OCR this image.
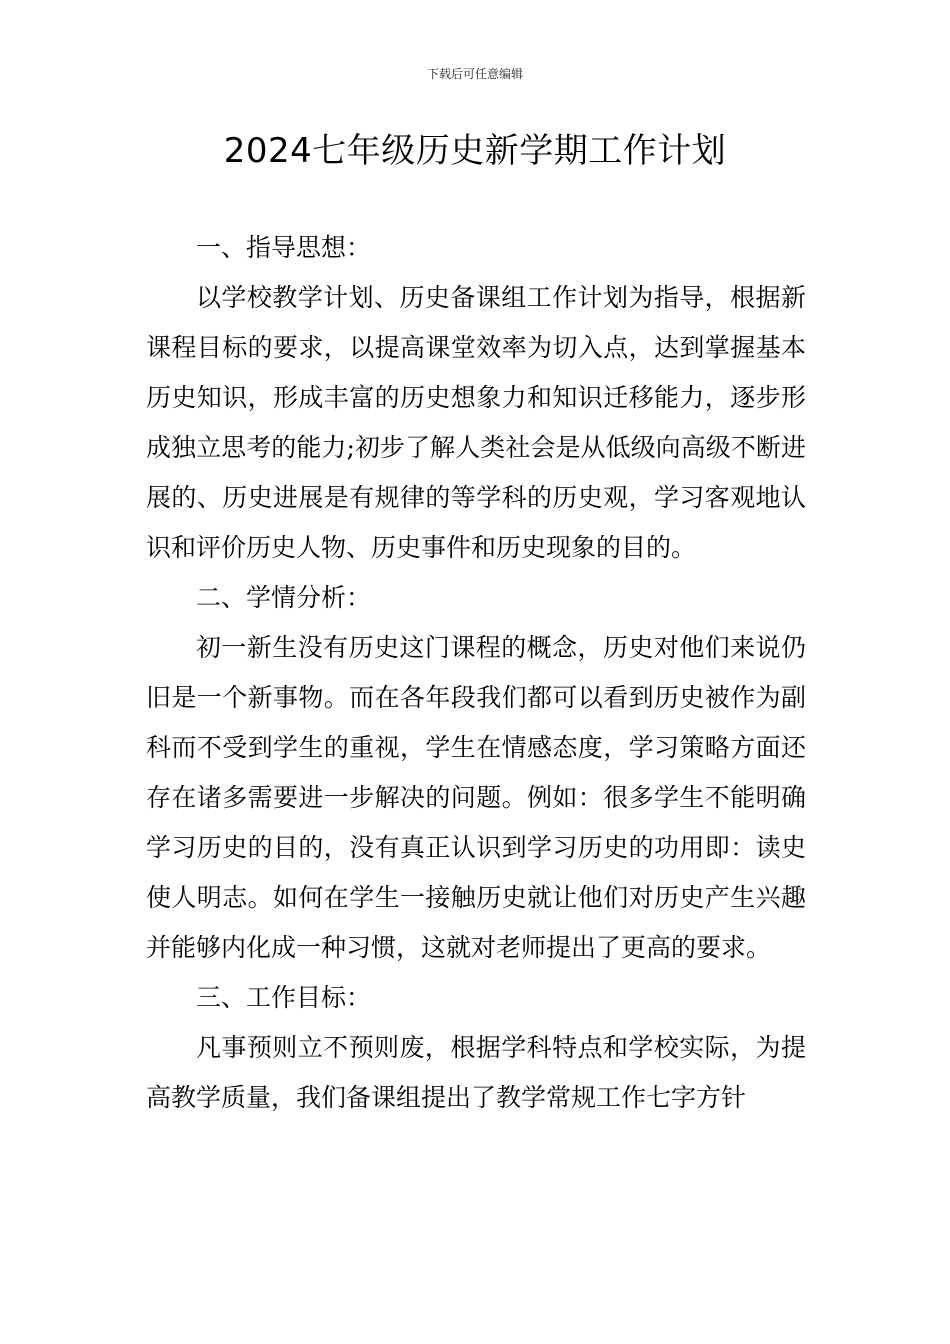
下载后可任意编辑
2024七年级历史新学期工作计划

一、指导思想：

以学校教学计划、历史备课组工作计划为指导，根据新课程目标的要求，以提高课堂效率为切入点，达到掌握基本历史知识，形成丰富的历史想象力和知识迁移能力，逐步形成独立思考的能力;初步了解人类社会是从低级向高级不断进展的、历史进展是有规律的等学科的历史观，学习客观地认识和评价历史人物、历史事件和历史现象的目的。

二、学情分析：

初一新生没有历史这门课程的概念，历史对他们来说仍旧是一个新事物。而在各年段我们都可以看到历史被作为副科而不受到学生的重视，学生在情感态度，学习策略方面还存在诸多需要进一步解决的问题。例如：很多学生不能明确学习历史的目的，没有真正认识到学习历史的功用即：读史使人明志。如何在学生一接触历史就让他们对历史产生兴趣并能够内化成一种习惯，这就对老师提出了更高的要求。

三、工作目标：

凡事预则立不预则废，根据学科特点和学校实际，为提高教学质量，我们备课组提出了教学常规工作七字方针
